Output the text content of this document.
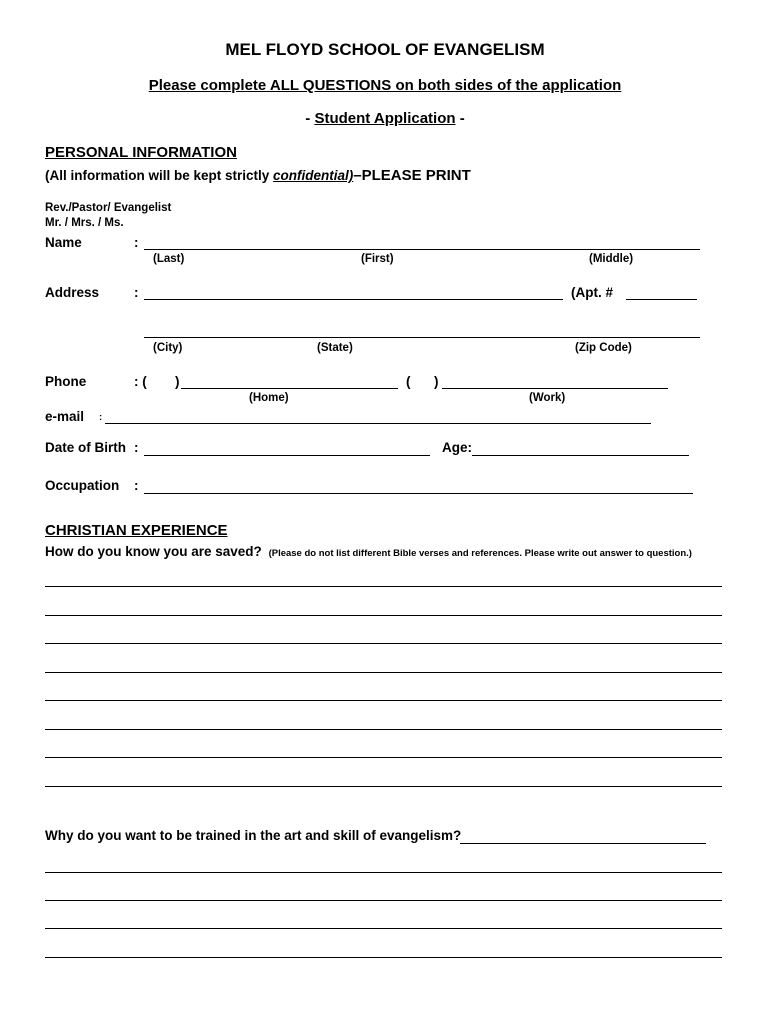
MEL FLOYD SCHOOL OF EVANGELISM
Please complete ALL QUESTIONS on both sides of the application
- Student Application -
PERSONAL INFORMATION
(All information will be kept strictly confidential)–PLEASE PRINT
Rev./Pastor/ Evangelist
Mr. / Mrs. / Ms.
Name	:
(Last)	(First)	(Middle)
Address	:	(Apt. #
(City)	(State)	(Zip Code)
Phone	: ( )	( )
(Home)	(Work)
e-mail :
Date of Birth :	Age:
Occupation :
CHRISTIAN EXPERIENCE
How do you know you are saved? (Please do not list different Bible verses and references. Please write out answer to question.)
Why do you want to be trained in the art and skill of evangelism?
